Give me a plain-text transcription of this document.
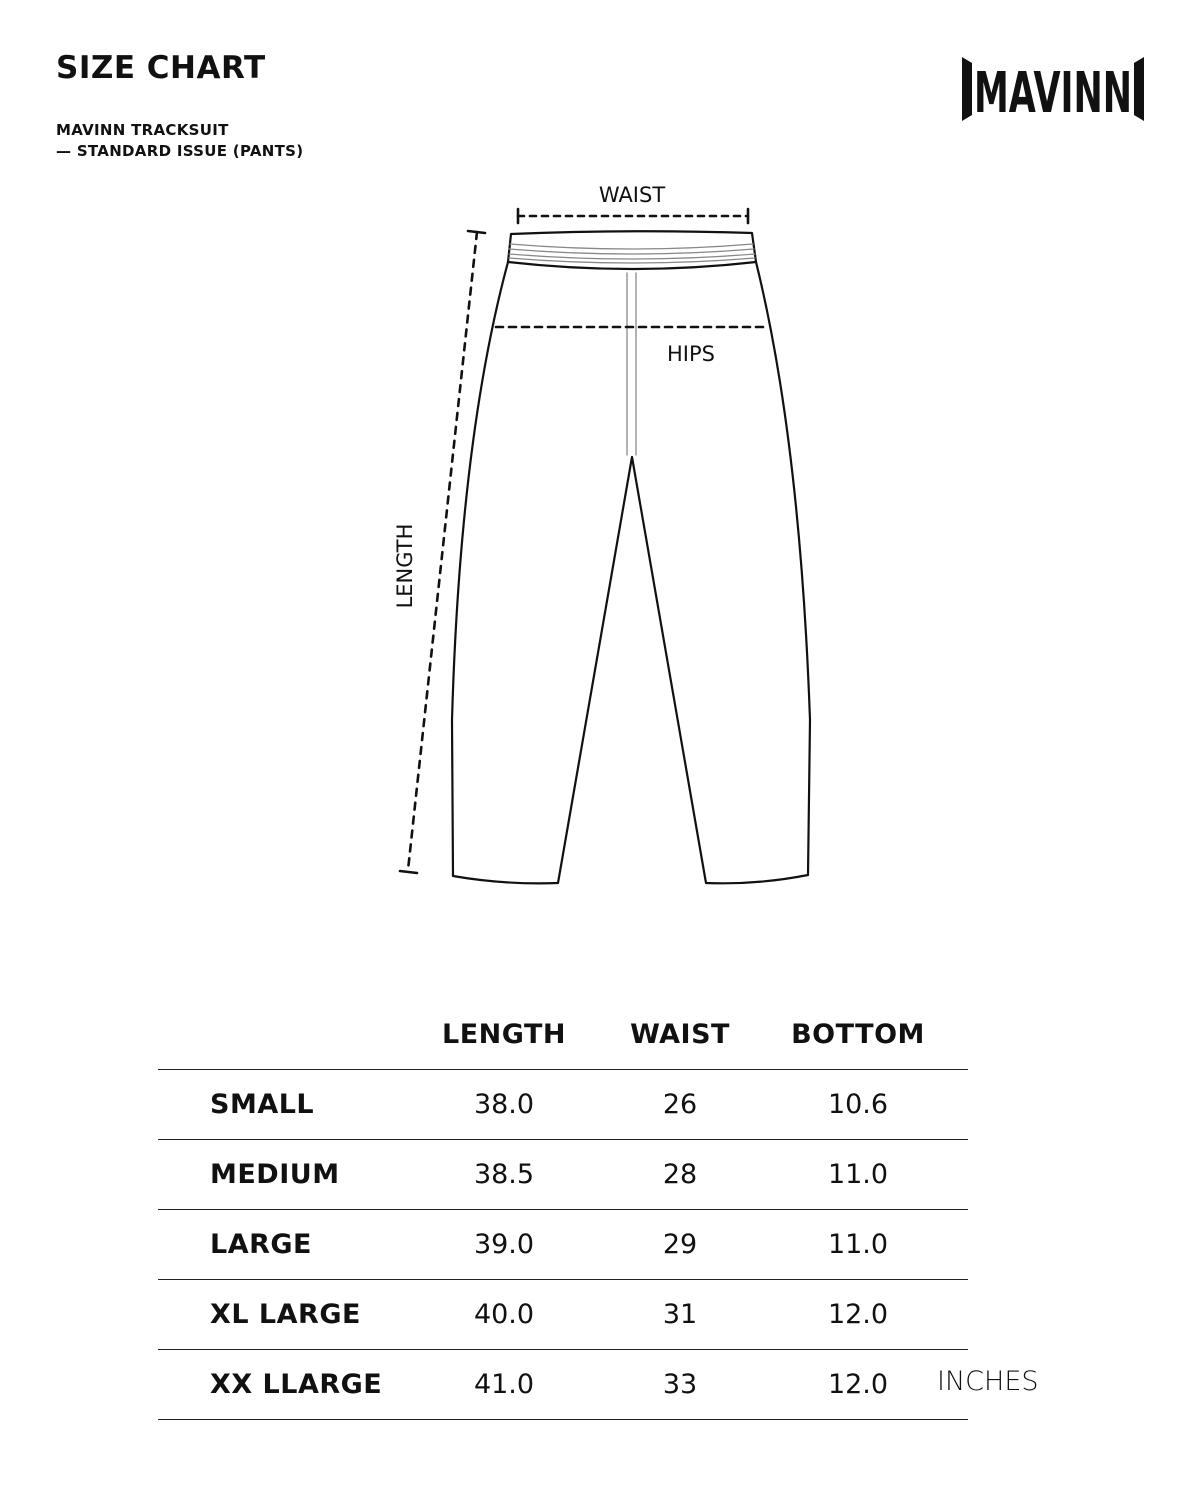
SIZE CHART
MAVINN TRACKSUIT
— STANDARD ISSUE (PANTS)
MAVINN
WAIST
HIPS
LENGTH
	LENGTH	WAIST	BOTTOM	
SMALL	38.0	26	10.6	
MEDIUM	38.5	28	11.0	
LARGE	39.0	29	11.0	
XL LARGE	40.0	31	12.0	
XX LLARGE	41.0	33	12.0	INCHES
